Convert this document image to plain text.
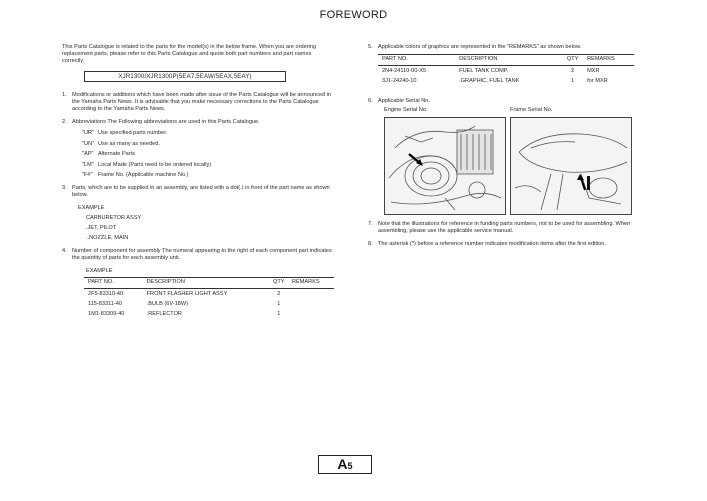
FOREWORD

This Parts Catalogue is related to the parts for the model(s) in the below frame. When you are ordering replacement parts, please refer to this Parts Catalogue and quote both part numbers and part names correctly.

XJR1300/XJR1300P(5EA7,5EAW/5EAX,5EAY)
1. Modifications or additions which have been made after issue of the Parts Catalogue will be announced in the Yamaha Parts News. It is advisable that you make necessary corrections to the Parts Catalogue according to the Yamaha Parts News.

2. Abbreviations The Following abbreviations are used in this Parts Catalogue.

"UR" Use specified parts number.
"UN" Use as many as needed.
"AP" Alternate Parts
"LM" Local Made (Parts need to be ordered locally)
"F#" Frame No. (Applicable machine No.)
3. Parts, which are to be supplied in an assembly, are listed with a dot(.) in front of the part name as shown below.

EXAMPLE
CARBURETOR ASSY
.JET, PILOT
..NOZZLE, MAIN
4. Number of component for assembly The numeral appearing to the right of each component part indicates the quantity of parts for each assembly unit.

EXAMPLE
PART NO.	DESCRIPTION	QTY	REMARKS
2F5-83310-40	FRONT FLASHER LIGHT ASSY	2	
115-83311-40	.BULB (6V-18W)	1	
1M1-83309-40	.REFLECTOR	1	
5. Applicable colors of graphics are represented in the "REMARKS" as shown below.

PART NO.	DESCRIPTION	QTY	REMARKS
2N4-24110-00-X5	FUEL TANK COMP.	2	MXR
3J1-24240-10	.GRAPHIC, FUEL TANK	1	for MXR
6. Applicable Serial No.

Engine Serial No.	Frame Serial No.
7. Note that the illustrations for reference in funding parts numbers, not to be used for assembling. When assembling, please use the applicable service manual.

8. The asterisk (*) before a reference number indicates modification items after the first edition.

A5
